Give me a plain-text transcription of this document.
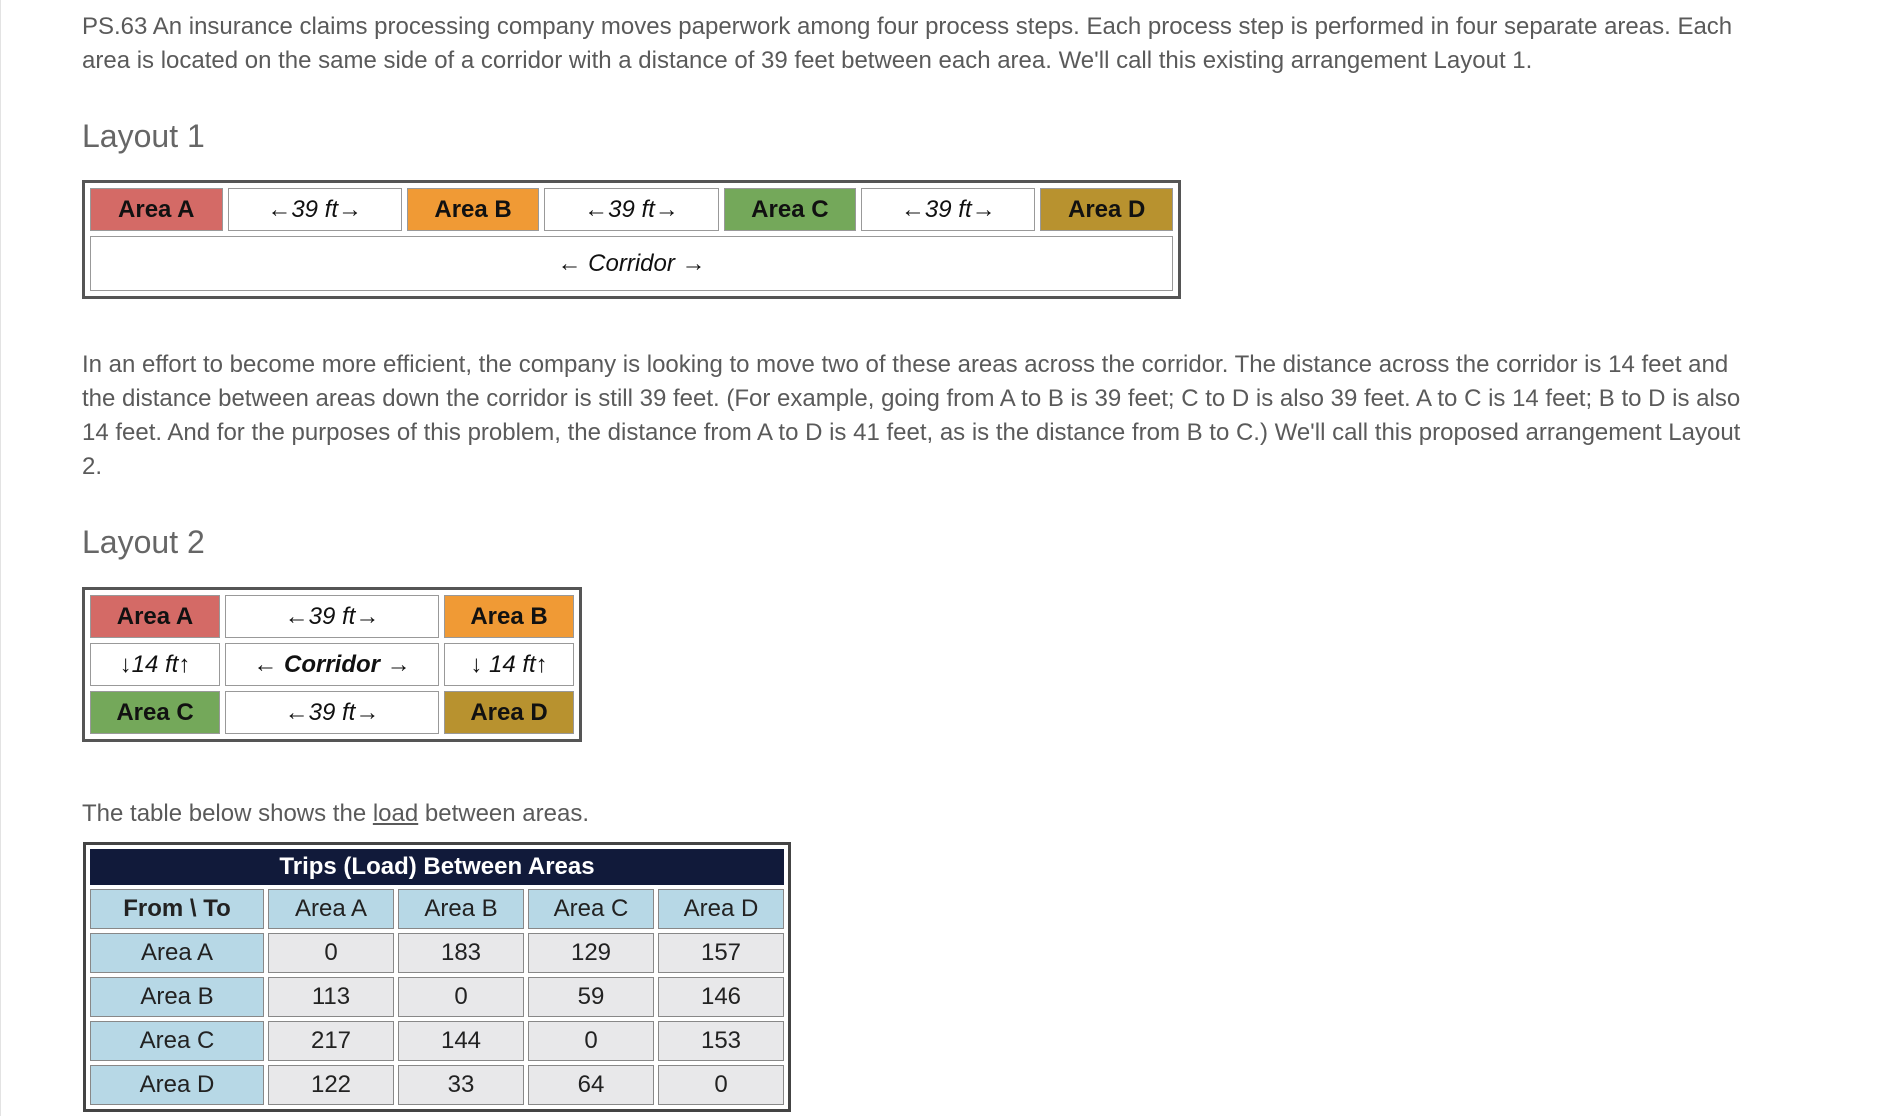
PS.63 An insurance claims processing company moves paperwork among four process steps. Each process step is performed in four separate areas. Each area is located on the same side of a corridor with a distance of 39 feet between each area. We'll call this existing arrangement Layout 1.

Layout 1
Area A	←39 ft→	Area B	←39 ft→	Area C	←39 ft→	Area D
← Corridor →

In an effort to become more efficient, the company is looking to move two of these areas across the corridor. The distance across the corridor is 14 feet and the distance between areas down the corridor is still 39 feet. (For example, going from A to B is 39 feet; C to D is also 39 feet. A to C is 14 feet; B to D is also 14 feet. And for the purposes of this problem, the distance from A to D is 41 feet, as is the distance from B to C.) We'll call this proposed arrangement Layout 2.

Layout 2
Area A	←39 ft→	Area B
↓14 ft↑	← Corridor →	↓ 14 ft↑
Area C	←39 ft→	Area D

The table below shows the load between areas.

Trips (Load) Between Areas				
From \ To	Area A	Area B	Area C	Area D
Area A	0	183	129	157
Area B	113	0	59	146
Area C	217	144	0	153
Area D	122	33	64	0
